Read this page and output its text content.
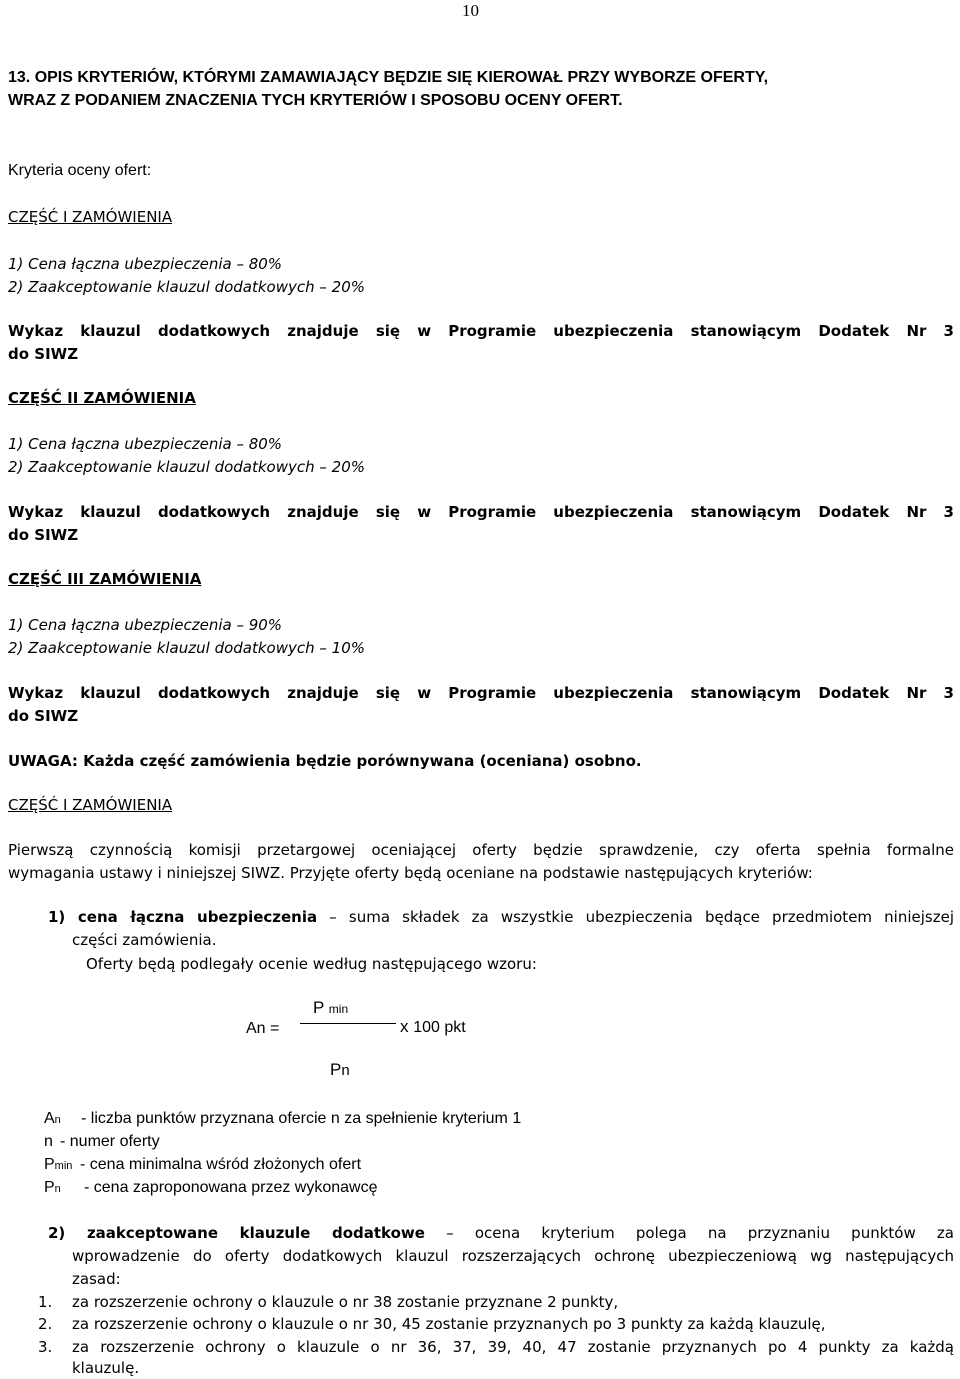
10
13. OPIS KRYTERIÓW, KTÓRYMI ZAMAWIAJĄCY BĘDZIE SIĘ KIEROWAŁ PRZY WYBORZE OFERTY,
WRAZ Z PODANIEM ZNACZENIA TYCH KRYTERIÓW I SPOSOBU OCENY OFERT.
Kryteria oceny ofert:
CZĘŚĆ I ZAMÓWIENIA
1) Cena łączna ubezpieczenia – 80%
2) Zaakceptowanie klauzul dodatkowych – 20%
Wykaz klauzul dodatkowych znajduje się w Programie ubezpieczenia stanowiącym Dodatek Nr 3
do SIWZ
CZĘŚĆ II ZAMÓWIENIA
1) Cena łączna ubezpieczenia – 80%
2) Zaakceptowanie klauzul dodatkowych – 20%
Wykaz klauzul dodatkowych znajduje się w Programie ubezpieczenia stanowiącym Dodatek Nr 3
do SIWZ
CZĘŚĆ III ZAMÓWIENIA
1) Cena łączna ubezpieczenia – 90%
2) Zaakceptowanie klauzul dodatkowych – 10%
Wykaz klauzul dodatkowych znajduje się w Programie ubezpieczenia stanowiącym Dodatek Nr 3
do SIWZ
UWAGA: Każda część zamówienia będzie porównywana (oceniana) osobno.
CZĘŚĆ I ZAMÓWIENIA
Pierwszą czynnością komisji przetargowej oceniającej oferty będzie sprawdzenie, czy oferta spełnia formalne
wymagania ustawy i niniejszej SIWZ. Przyjęte oferty będą oceniane na podstawie następujących kryteriów:
1) cena łączna ubezpieczenia – suma składek za wszystkie ubezpieczenia będące przedmiotem niniejszej
części zamówienia.
Oferty będą podlegały ocenie według następującego wzoru:
An =
P min
x 100 pkt
Pn
An - liczba punktów przyznana ofercie n za spełnienie kryterium 1
n - numer oferty
Pmin - cena minimalna wśród złożonych ofert
Pn - cena zaproponowana przez wykonawcę
2) zaakceptowane klauzule dodatkowe – ocena kryterium polega na przyznaniu punktów za
wprowadzenie do oferty dodatkowych klauzul rozszerzających ochronę ubezpieczeniową wg następujących
zasad:
1. za rozszerzenie ochrony o klauzule o nr 38 zostanie przyznane 2 punkty,
2. za rozszerzenie ochrony o klauzule o nr 30, 45 zostanie przyznanych po 3 punkty za każdą klauzulę,
3. za rozszerzenie ochrony o klauzule o nr 36, 37, 39, 40, 47 zostanie przyznanych po 4 punkty za każdą
klauzulę.
